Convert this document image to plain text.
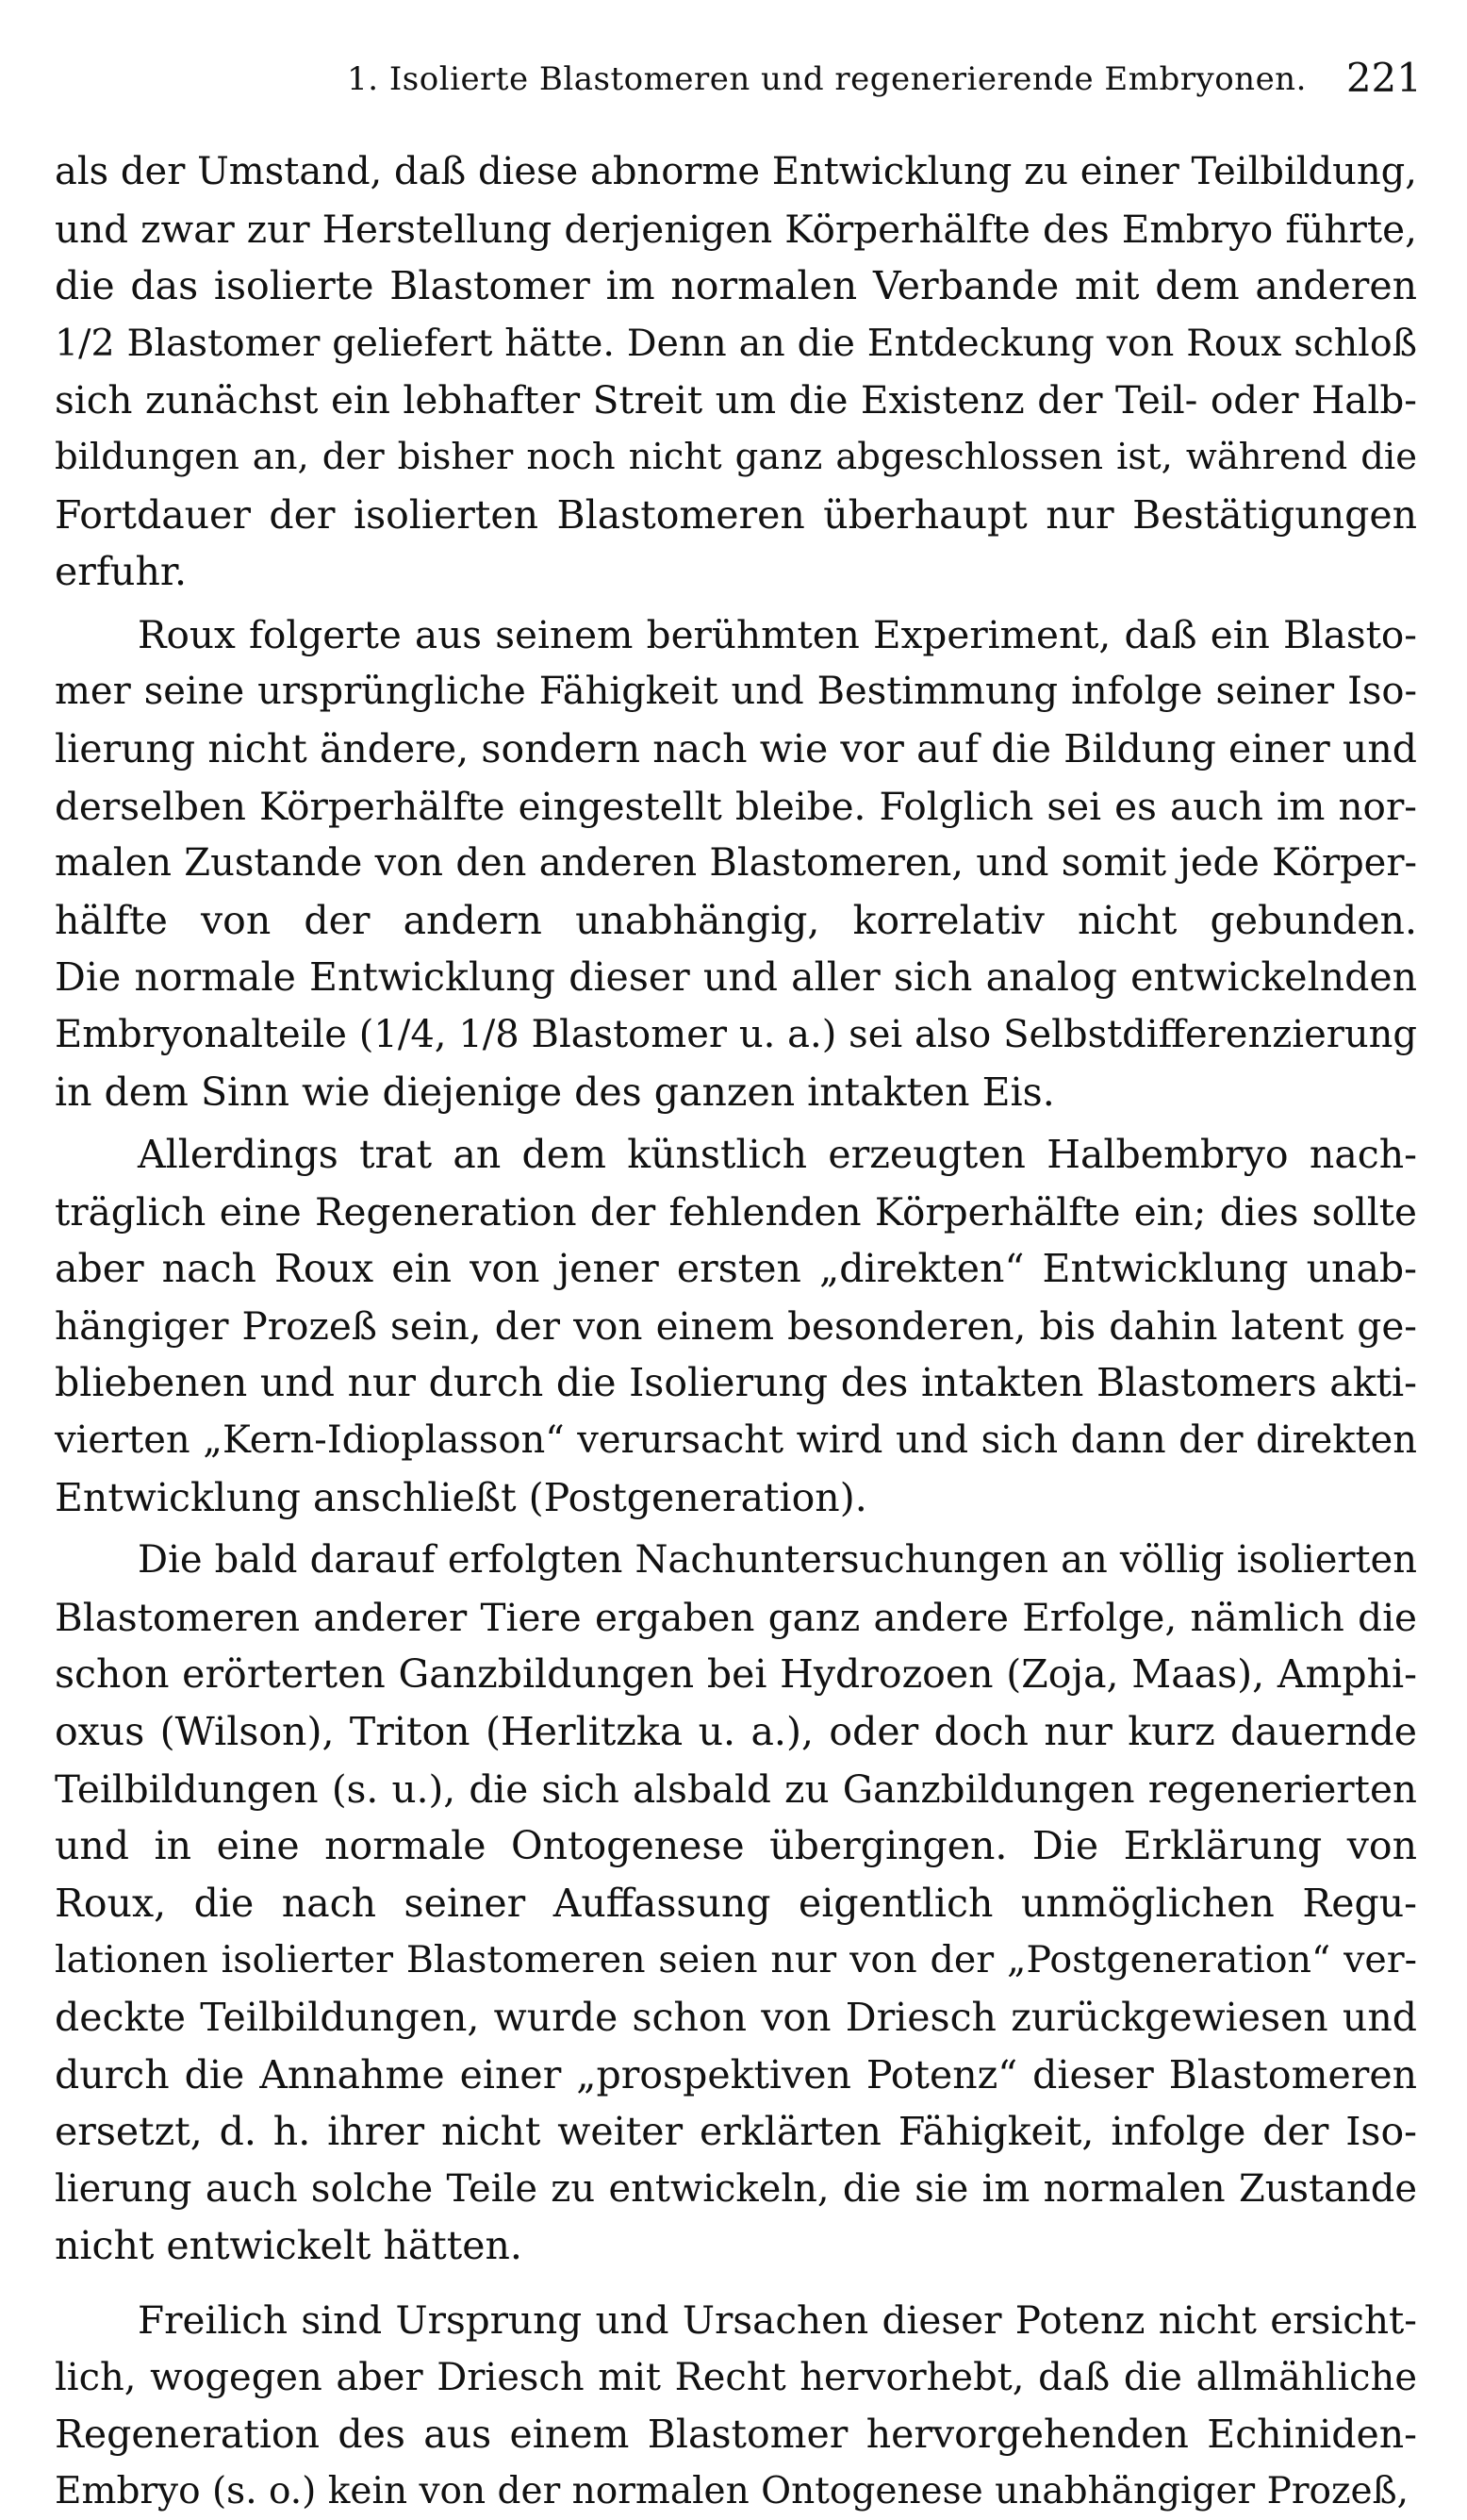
1. Isolierte Blastomeren und regenerierende Embryonen. 221

als der Umstand, daß diese abnorme Entwicklung zu einer Teilbildung,
und zwar zur Herstellung derjenigen Körperhälfte des Embryo führte,
die das isolierte Blastomer im normalen Verbande mit dem anderen
1/2 Blastomer geliefert hätte. Denn an die Entdeckung von Roux schloß
sich zunächst ein lebhafter Streit um die Existenz der Teil- oder Halb-
bildungen an, der bisher noch nicht ganz abgeschlossen ist, während die
Fortdauer der isolierten Blastomeren überhaupt nur Bestätigungen
erfuhr.

Roux folgerte aus seinem berühmten Experiment, daß ein Blasto-
mer seine ursprüngliche Fähigkeit und Bestimmung infolge seiner Iso-
lierung nicht ändere, sondern nach wie vor auf die Bildung einer und
derselben Körperhälfte eingestellt bleibe. Folglich sei es auch im nor-
malen Zustande von den anderen Blastomeren, und somit jede Körper-
hälfte von der andern unabhängig, korrelativ nicht gebunden.
Die normale Entwicklung dieser und aller sich analog entwickelnden
Embryonalteile (1/4, 1/8 Blastomer u. a.) sei also Selbstdifferenzierung
in dem Sinn wie diejenige des ganzen intakten Eis.

Allerdings trat an dem künstlich erzeugten Halbembryo nach-
träglich eine Regeneration der fehlenden Körperhälfte ein; dies sollte
aber nach Roux ein von jener ersten „direkten“ Entwicklung unab-
hängiger Prozeß sein, der von einem besonderen, bis dahin latent ge-
bliebenen und nur durch die Isolierung des intakten Blastomers akti-
vierten „Kern-Idioplasson“ verursacht wird und sich dann der direkten
Entwicklung anschließt (Postgeneration).

Die bald darauf erfolgten Nachuntersuchungen an völlig isolierten
Blastomeren anderer Tiere ergaben ganz andere Erfolge, nämlich die
schon erörterten Ganzbildungen bei Hydrozoen (Zoja, Maas), Amphi-
oxus (Wilson), Triton (Herlitzka u. a.), oder doch nur kurz dauernde
Teilbildungen (s. u.), die sich alsbald zu Ganzbildungen regenerierten
und in eine normale Ontogenese übergingen. Die Erklärung von
Roux, die nach seiner Auffassung eigentlich unmöglichen Regu-
lationen isolierter Blastomeren seien nur von der „Postgeneration“ ver-
deckte Teilbildungen, wurde schon von Driesch zurückgewiesen und
durch die Annahme einer „prospektiven Potenz“ dieser Blastomeren
ersetzt, d. h. ihrer nicht weiter erklärten Fähigkeit, infolge der Iso-
lierung auch solche Teile zu entwickeln, die sie im normalen Zustande
nicht entwickelt hätten.

Freilich sind Ursprung und Ursachen dieser Potenz nicht ersicht-
lich, wogegen aber Driesch mit Recht hervorhebt, daß die allmähliche
Regeneration des aus einem Blastomer hervorgehenden Echiniden-
Embryo (s. o.) kein von der normalen Ontogenese unabhängiger Prozeß,
